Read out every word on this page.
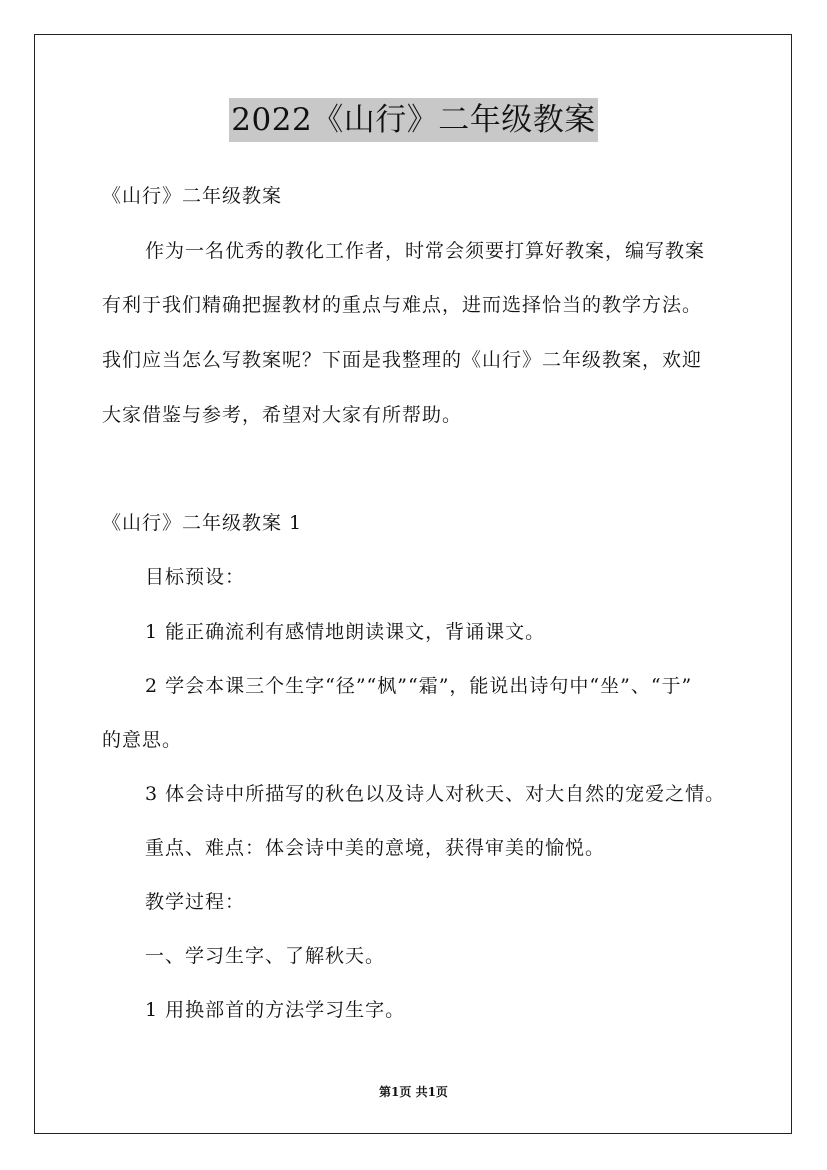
2022《山行》二年级教案
《山行》二年级教案
作为一名优秀的教化工作者，时常会须要打算好教案，编写教案
有利于我们精确把握教材的重点与难点，进而选择恰当的教学方法。
我们应当怎么写教案呢？下面是我整理的《山行》二年级教案，欢迎
大家借鉴与参考，希望对大家有所帮助。
《山行》二年级教案 1
目标预设：
1 能正确流利有感情地朗读课文，背诵课文。
2 学会本课三个生字“径”“枫”“霜”，能说出诗句中“坐”、“于”
的意思。
3 体会诗中所描写的秋色以及诗人对秋天、对大自然的宠爱之情。
重点、难点：体会诗中美的意境，获得审美的愉悦。
教学过程：
一、学习生字、了解秋天。
1 用换部首的方法学习生字。
第1页 共1页
